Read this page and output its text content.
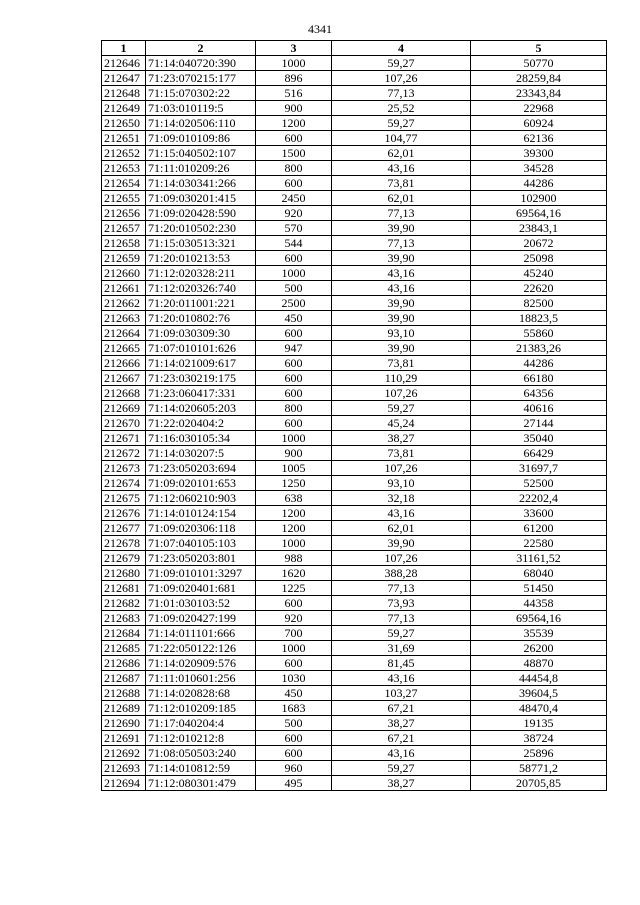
4341
1	2	3	4	5
212646	71:14:040720:390	1000	59,27	50770
212647	71:23:070215:177	896	107,26	28259,84
212648	71:15:070302:22	516	77,13	23343,84
212649	71:03:010119:5	900	25,52	22968
212650	71:14:020506:110	1200	59,27	60924
212651	71:09:010109:86	600	104,77	62136
212652	71:15:040502:107	1500	62,01	39300
212653	71:11:010209:26	800	43,16	34528
212654	71:14:030341:266	600	73,81	44286
212655	71:09:030201:415	2450	62,01	102900
212656	71:09:020428:590	920	77,13	69564,16
212657	71:20:010502:230	570	39,90	23843,1
212658	71:15:030513:321	544	77,13	20672
212659	71:20:010213:53	600	39,90	25098
212660	71:12:020328:211	1000	43,16	45240
212661	71:12:020326:740	500	43,16	22620
212662	71:20:011001:221	2500	39,90	82500
212663	71:20:010802:76	450	39,90	18823,5
212664	71:09:030309:30	600	93,10	55860
212665	71:07:010101:626	947	39,90	21383,26
212666	71:14:021009:617	600	73,81	44286
212667	71:23:030219:175	600	110,29	66180
212668	71:23:060417:331	600	107,26	64356
212669	71:14:020605:203	800	59,27	40616
212670	71:22:020404:2	600	45,24	27144
212671	71:16:030105:34	1000	38,27	35040
212672	71:14:030207:5	900	73,81	66429
212673	71:23:050203:694	1005	107,26	31697,7
212674	71:09:020101:653	1250	93,10	52500
212675	71:12:060210:903	638	32,18	22202,4
212676	71:14:010124:154	1200	43,16	33600
212677	71:09:020306:118	1200	62,01	61200
212678	71:07:040105:103	1000	39,90	22580
212679	71:23:050203:801	988	107,26	31161,52
212680	71:09:010101:3297	1620	388,28	68040
212681	71:09:020401:681	1225	77,13	51450
212682	71:01:030103:52	600	73,93	44358
212683	71:09:020427:199	920	77,13	69564,16
212684	71:14:011101:666	700	59,27	35539
212685	71:22:050122:126	1000	31,69	26200
212686	71:14:020909:576	600	81,45	48870
212687	71:11:010601:256	1030	43,16	44454,8
212688	71:14:020828:68	450	103,27	39604,5
212689	71:12:010209:185	1683	67,21	48470,4
212690	71:17:040204:4	500	38,27	19135
212691	71:12:010212:8	600	67,21	38724
212692	71:08:050503:240	600	43,16	25896
212693	71:14:010812:59	960	59,27	58771,2
212694	71:12:080301:479	495	38,27	20705,85
